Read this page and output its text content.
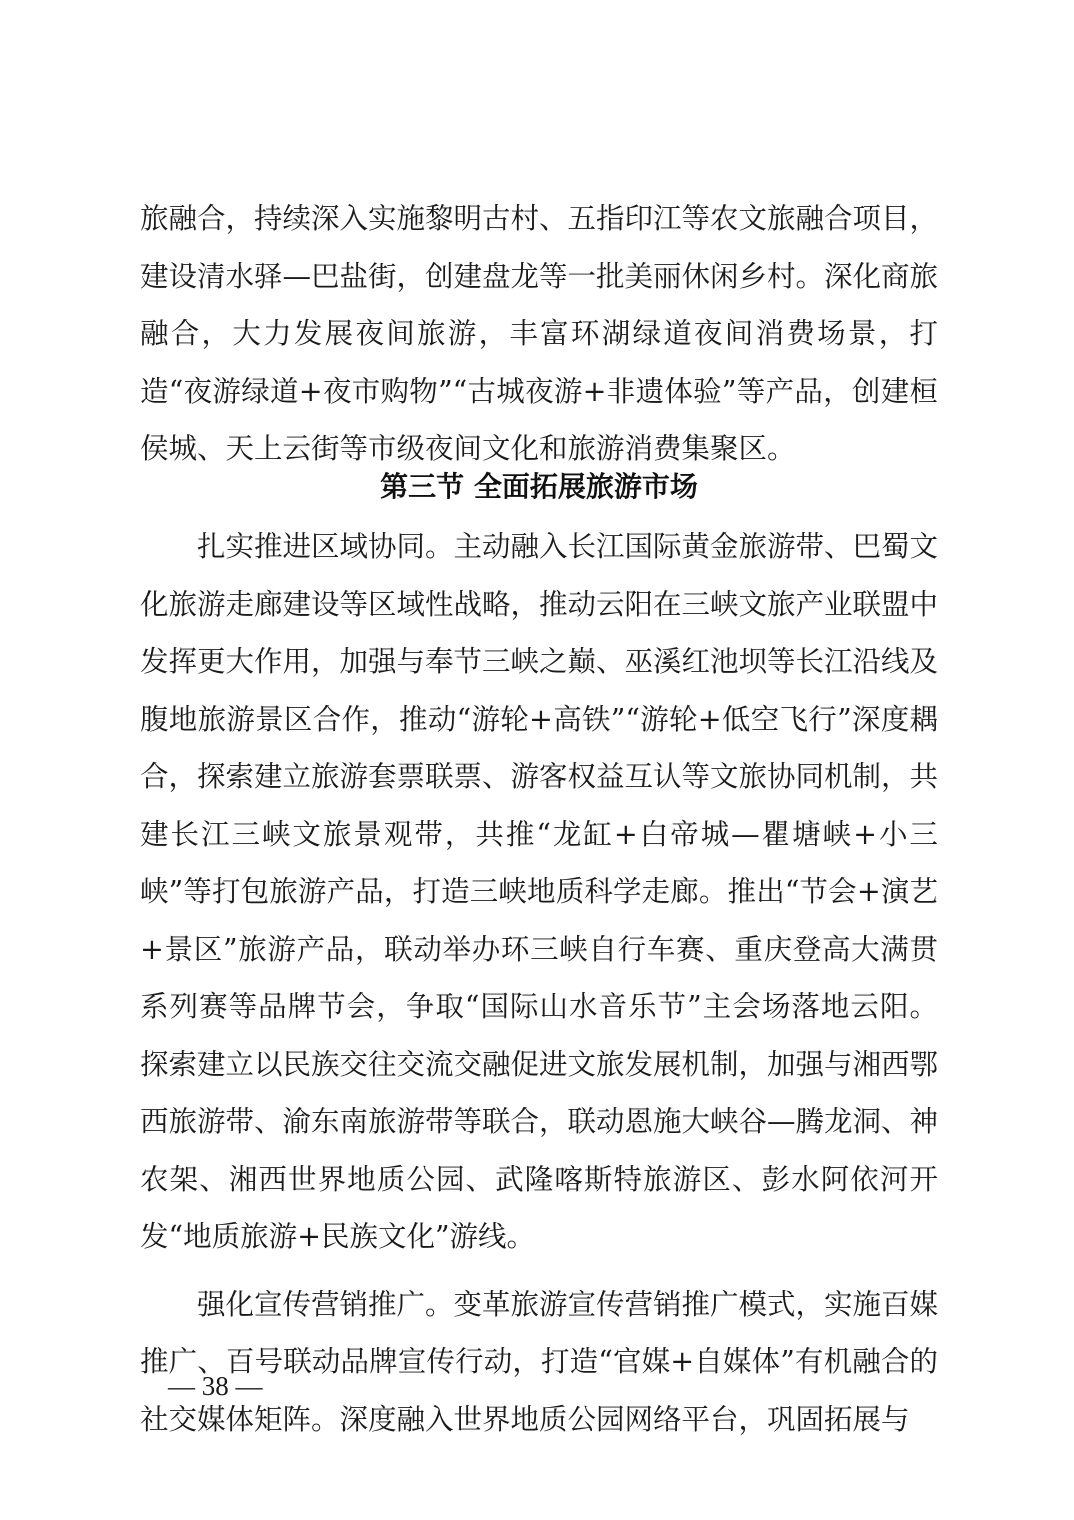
旅融合，持续深入实施黎明古村、五指印江等农文旅融合项目，建设清水驿—巴盐街，创建盘龙等一批美丽休闲乡村。深化商旅融合，大力发展夜间旅游，丰富环湖绿道夜间消费场景，打造“夜游绿道+夜市购物”“古城夜游+非遗体验”等产品，创建桓侯城、天上云街等市级夜间文化和旅游消费集聚区。

第三节 全面拓展旅游市场

扎实推进区域协同。主动融入长江国际黄金旅游带、巴蜀文化旅游走廊建设等区域性战略，推动云阳在三峡文旅产业联盟中发挥更大作用，加强与奉节三峡之巅、巫溪红池坝等长江沿线及腹地旅游景区合作，推动“游轮+高铁”“游轮+低空飞行”深度耦合，探索建立旅游套票联票、游客权益互认等文旅协同机制，共建长江三峡文旅景观带，共推“龙缸+白帝城—瞿塘峡+小三峡”等打包旅游产品，打造三峡地质科学走廊。推出“节会+演艺+景区”旅游产品，联动举办环三峡自行车赛、重庆登高大满贯系列赛等品牌节会，争取“国际山水音乐节”主会场落地云阳。探索建立以民族交往交流交融促进文旅发展机制，加强与湘西鄂西旅游带、渝东南旅游带等联合，联动恩施大峡谷—腾龙洞、神农架、湘西世界地质公园、武隆喀斯特旅游区、彭水阿依河开发“地质旅游+民族文化”游线。

强化宣传营销推广。变革旅游宣传营销推广模式，实施百媒推广、百号联动品牌宣传行动，打造“官媒+自媒体”有机融合的社交媒体矩阵。深度融入世界地质公园网络平台，巩固拓展与

— 38 —
